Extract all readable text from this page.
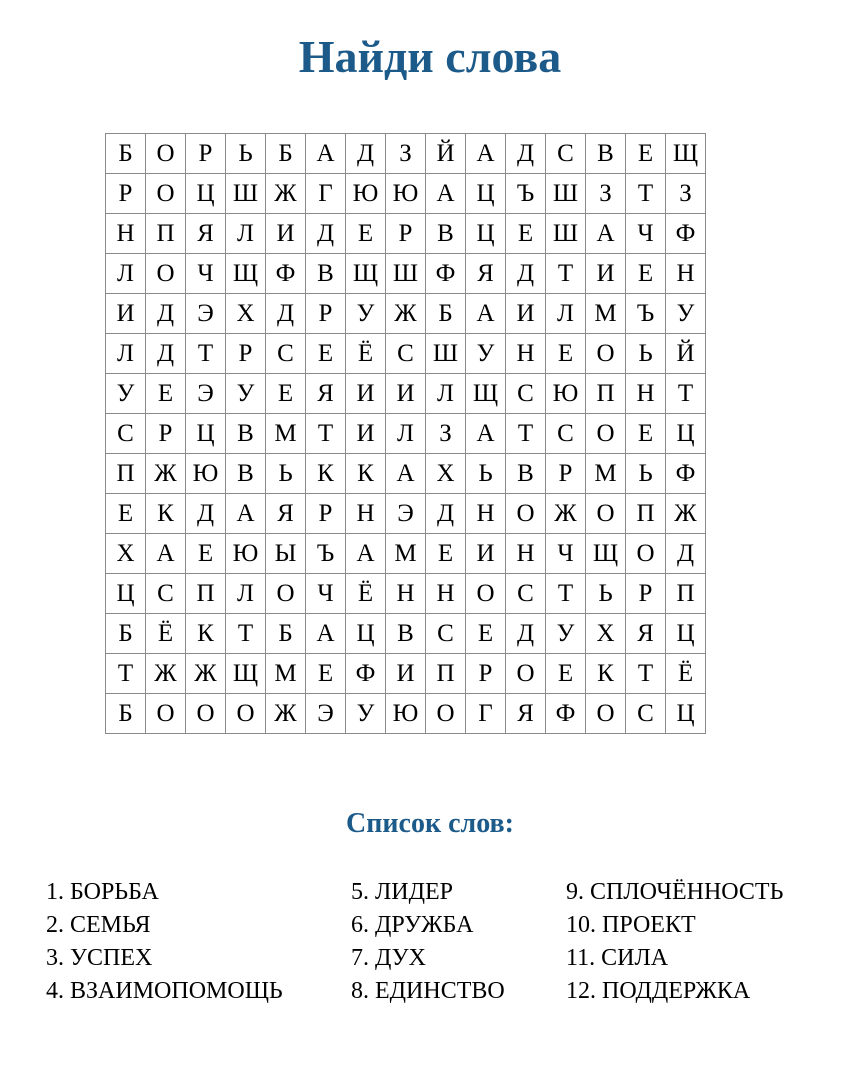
Найди слова
Б О Р	Ь	Б А Д	З Й А Д С В Е Щ
Р О Ц Ш Ж Г Ю Ю А Ц Ъ Ш З	Т	З
Н П Я Л И Д Е	Р В Ц Е Ш А Ч Ф
Л О Ч Щ Ф В Щ Ш Ф Я Д Т И Е Н
И Д Э Х Д Р У Ж Б А И Л М Ъ У
Л Д Т	Р С Е Ё С Ш У Н Е О Ь Й
У Е Э У Е Я И И Л Щ С Ю П Н Т
С Р Ц В М Т И Л	З А Т С О Е Ц
П Ж Ю В Ь К К А Х Ь В Р М Ь Ф
Е К Д А Я Р Н Э Д Н О Ж О П Ж
Х А Е Ю Ы Ъ А М Е И Н Ч Щ О Д
Ц С П Л О Ч Ё Н Н О С Т	Ь	Р П
Б	Ё К Т	Б А Ц В С Е Д У Х Я Ц
Т Ж Ж Щ М Е Ф И П Р О Е К Т Ё
Б О О О Ж Э У Ю О Г Я Ф О С Ц
Список слов:
1. БОРЬБА
2. СЕМЬЯ
3. УСПЕХ
4. ВЗАИМОПОМОЩЬ
5. ЛИДЕР
6. ДРУЖБА
7. ДУХ
8. ЕДИНСТВО
9. СПЛОЧЁННОСТЬ
10. ПРОЕКТ
11. СИЛА
12. ПОДДЕРЖКА
